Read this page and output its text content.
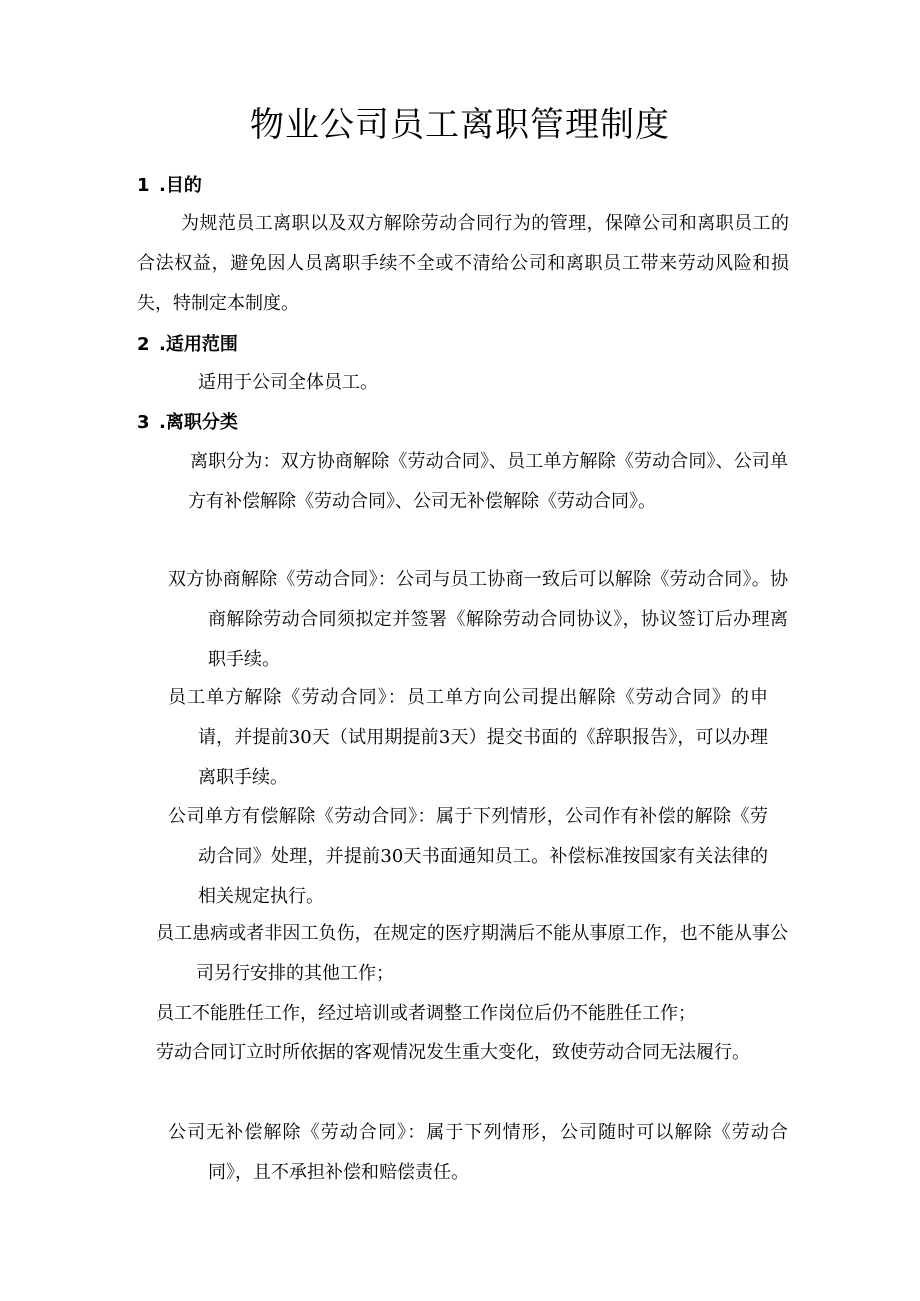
物业公司员工离职管理制度
1 .目的
为规范员工离职以及双方解除劳动合同行为的管理，保障公司和离职员工的合法权益，避免因人员离职手续不全或不清给公司和离职员工带来劳动风险和损失，特制定本制度。
2 .适用范围
适用于公司全体员工。
3 .离职分类
离职分为：双方协商解除《劳动合同》、员工单方解除《劳动合同》、公司单方有补偿解除《劳动合同》、公司无补偿解除《劳动合同》。
双方协商解除《劳动合同》：公司与员工协商一致后可以解除《劳动合同》。协商解除劳动合同须拟定并签署《解除劳动合同协议》，协议签订后办理离职手续。
员工单方解除《劳动合同》：员工单方向公司提出解除《劳动合同》的申请，并提前30天（试用期提前3天）提交书面的《辞职报告》，可以办理离职手续。
公司单方有偿解除《劳动合同》：属于下列情形，公司作有补偿的解除《劳动合同》处理，并提前30天书面通知员工。补偿标准按国家有关法律的相关规定执行。
员工患病或者非因工负伤，在规定的医疗期满后不能从事原工作，也不能从事公司另行安排的其他工作；
员工不能胜任工作，经过培训或者调整工作岗位后仍不能胜任工作；
劳动合同订立时所依据的客观情况发生重大变化，致使劳动合同无法履行。
公司无补偿解除《劳动合同》：属于下列情形，公司随时可以解除《劳动合同》，且不承担补偿和赔偿责任。
